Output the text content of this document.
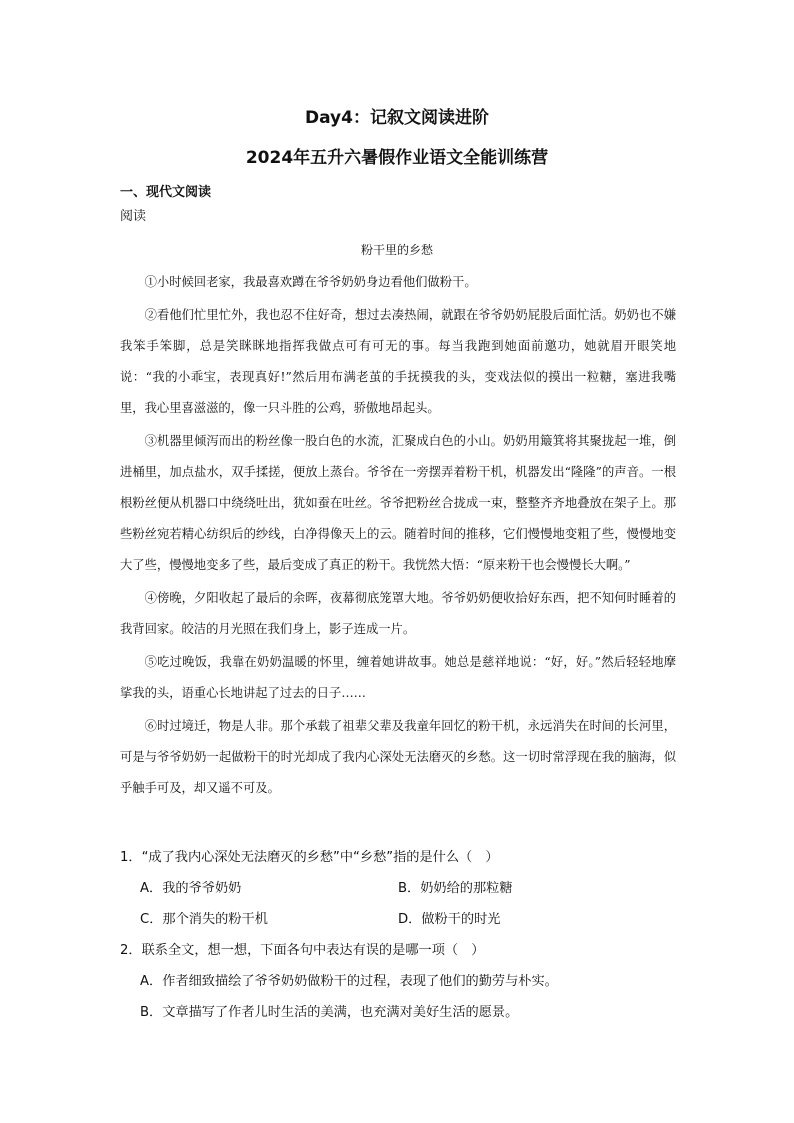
Day4：记叙文阅读进阶
2024年五升六暑假作业语文全能训练营
一、现代文阅读
阅读
粉干里的乡愁

①小时候回老家，我最喜欢蹲在爷爷奶奶身边看他们做粉干。

②看他们忙里忙外，我也忍不住好奇，想过去凑热闹，就跟在爷爷奶奶屁股后面忙活。奶奶也不嫌我笨手笨脚，总是笑眯眯地指挥我做点可有可无的事。每当我跑到她面前邀功，她就眉开眼笑地说：“我的小乖宝，表现真好!”然后用布满老茧的手抚摸我的头，变戏法似的摸出一粒糖，塞进我嘴里，我心里喜滋滋的，像一只斗胜的公鸡，骄傲地昂起头。

③机器里倾泻而出的粉丝像一股白色的水流，汇聚成白色的小山。奶奶用簸箕将其聚拢起一堆，倒进桶里，加点盐水，双手揉搓，便放上蒸台。爷爷在一旁摆弄着粉干机，机器发出“隆隆”的声音。一根根粉丝便从机器口中绕绕吐出，犹如蚕在吐丝。爷爷把粉丝合拢成一束，整整齐齐地叠放在架子上。那些粉丝宛若精心纺织后的纱线，白净得像天上的云。随着时间的推移，它们慢慢地变粗了些，慢慢地变大了些，慢慢地变多了些，最后变成了真正的粉干。我恍然大悟：“原来粉干也会慢慢长大啊。”

④傍晚，夕阳收起了最后的余晖，夜幕彻底笼罩大地。爷爷奶奶便收拾好东西，把不知何时睡着的我背回家。皎洁的月光照在我们身上，影子连成一片。

⑤吃过晚饭，我靠在奶奶温暖的怀里，缠着她讲故事。她总是慈祥地说：“好，好。”然后轻轻地摩挲我的头，语重心长地讲起了过去的日子……

⑥时过境迁，物是人非。那个承载了祖辈父辈及我童年回忆的粉干机，永远消失在时间的长河里，可是与爷爷奶奶一起做粉干的时光却成了我内心深处无法磨灭的乡愁。这一切时常浮现在我的脑海，似乎触手可及，却又遥不可及。

1．“成了我内心深处无法磨灭的乡愁”中“乡愁”指的是什么（　）
A．我的爷爷奶奶	B．奶奶给的那粒糖
C．那个消失的粉干机	D．做粉干的时光
2．联系全文，想一想，下面各句中表达有误的是哪一项（　）
A．作者细致描绘了爷爷奶奶做粉干的过程，表现了他们的勤劳与朴实。
B．文章描写了作者儿时生活的美满，也充满对美好生活的愿景。
